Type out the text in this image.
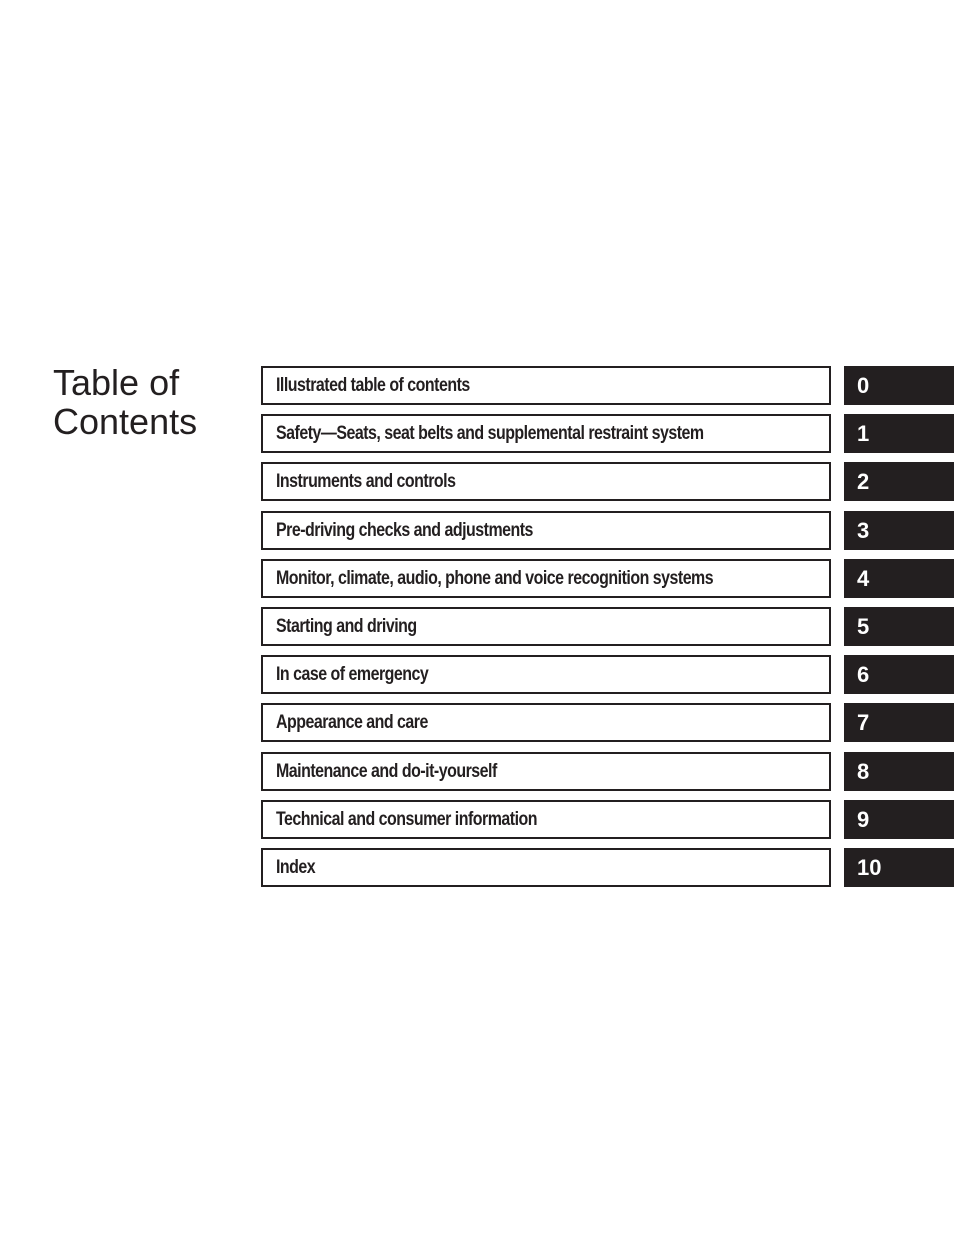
Table of
Contents
Illustrated table of contents	0
Safety—Seats, seat belts and supplemental restraint system	1
Instruments and controls	2
Pre-driving checks and adjustments	3
Monitor, climate, audio, phone and voice recognition systems	4
Starting and driving	5
In case of emergency	6
Appearance and care	7
Maintenance and do-it-yourself	8
Technical and consumer information	9
Index	10
